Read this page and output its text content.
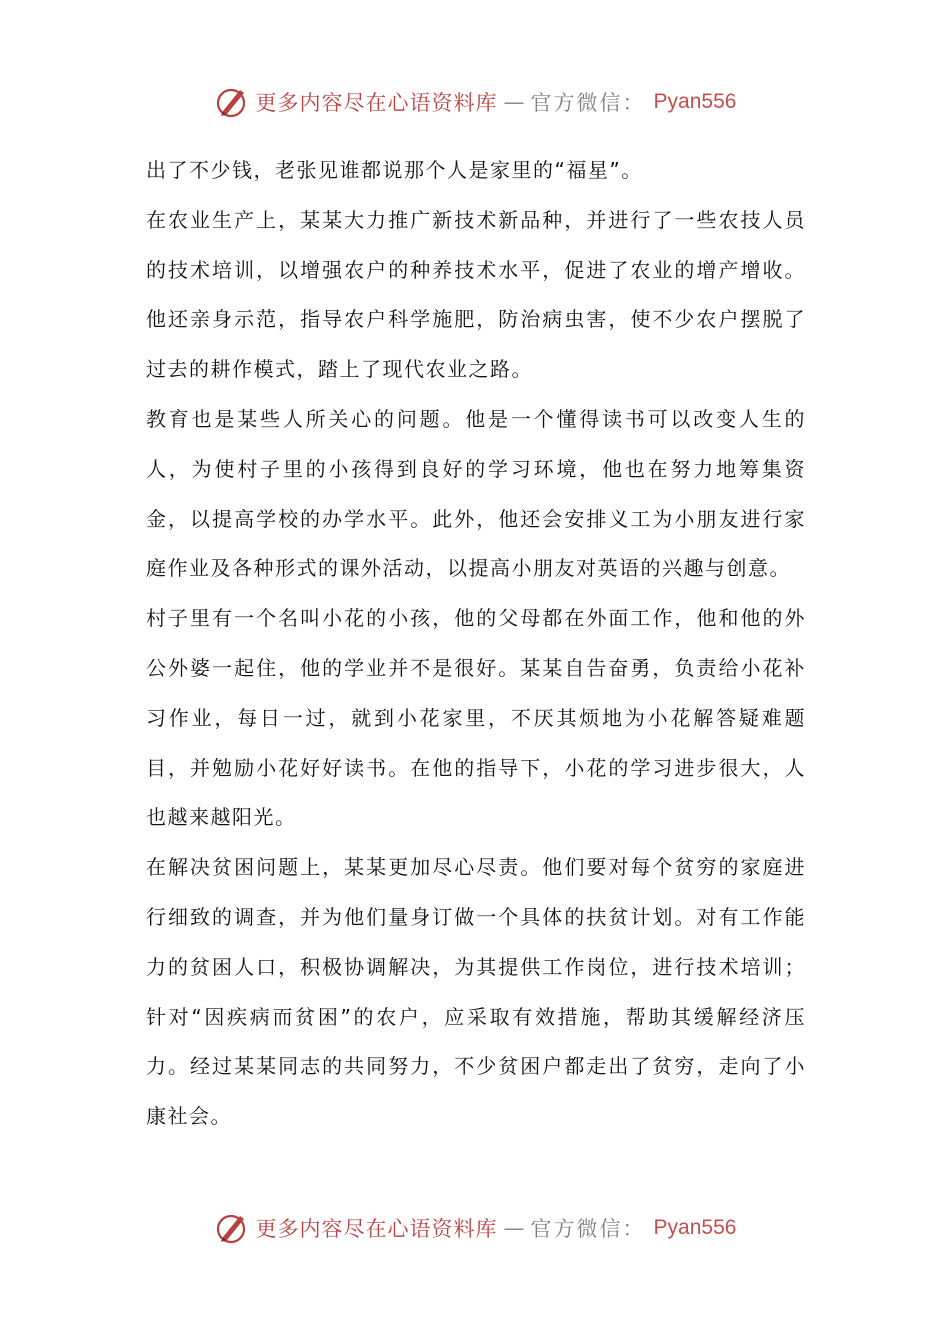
更多内容尽在心语资料库 — 官方微信： Pyan556

出了不少钱，老张见谁都说那个人是家里的“福星”。

在农业生产上，某某大力推广新技术新品种，并进行了一些农技人员的技术培训，以增强农户的种养技术水平，促进了农业的增产增收。他还亲身示范，指导农户科学施肥，防治病虫害，使不少农户摆脱了过去的耕作模式，踏上了现代农业之路。

教育也是某些人所关心的问题。他是一个懂得读书可以改变人生的人，为使村子里的小孩得到良好的学习环境，他也在努力地筹集资金，以提高学校的办学水平。此外，他还会安排义工为小朋友进行家庭作业及各种形式的课外活动，以提高小朋友对英语的兴趣与创意。

村子里有一个名叫小花的小孩，他的父母都在外面工作，他和他的外公外婆一起住，他的学业并不是很好。某某自告奋勇，负责给小花补习作业，每日一过，就到小花家里，不厌其烦地为小花解答疑难题目，并勉励小花好好读书。在他的指导下，小花的学习进步很大，人也越来越阳光。

在解决贫困问题上，某某更加尽心尽责。他们要对每个贫穷的家庭进行细致的调查，并为他们量身订做一个具体的扶贫计划。对有工作能力的贫困人口，积极协调解决，为其提供工作岗位，进行技术培训；针对“因疾病而贫困”的农户，应采取有效措施，帮助其缓解经济压力。经过某某同志的共同努力，不少贫困户都走出了贫穷，走向了小康社会。

更多内容尽在心语资料库 — 官方微信： Pyan556
